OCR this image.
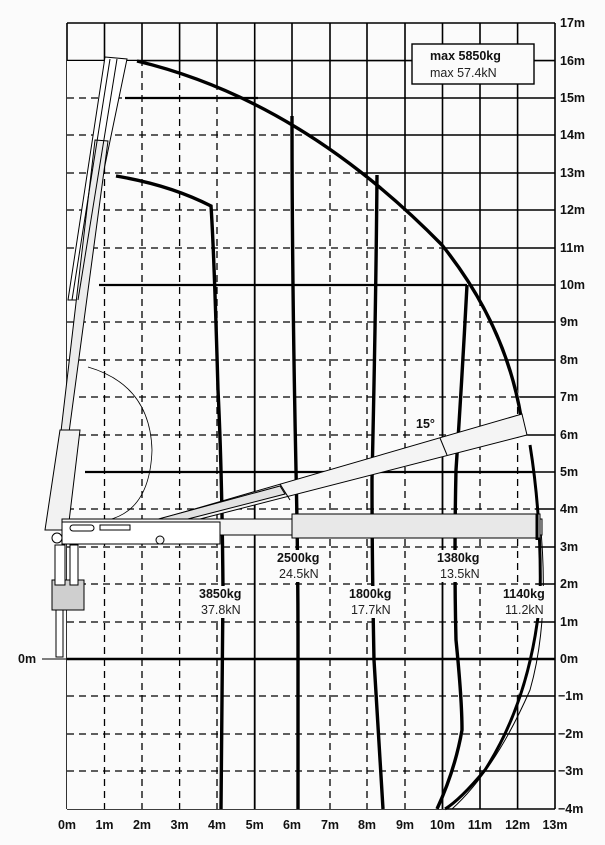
max 5850kg
max 57.4kN
15°
3850kg
37.8kN
2500kg
24.5kN
1800kg
17.7kN
1380kg
13.5kN
1140kg
11.2kN
17m
16m
15m
14m
13m
12m
11m
10m
9m
8m
7m
6m
5m
4m
3m
2m
1m
0m
−1m
−2m
−3m
−4m
0m
0m 1m 2m 3m 4m 5m 6m 7m 8m 9m 10m 11m 12m 13m
